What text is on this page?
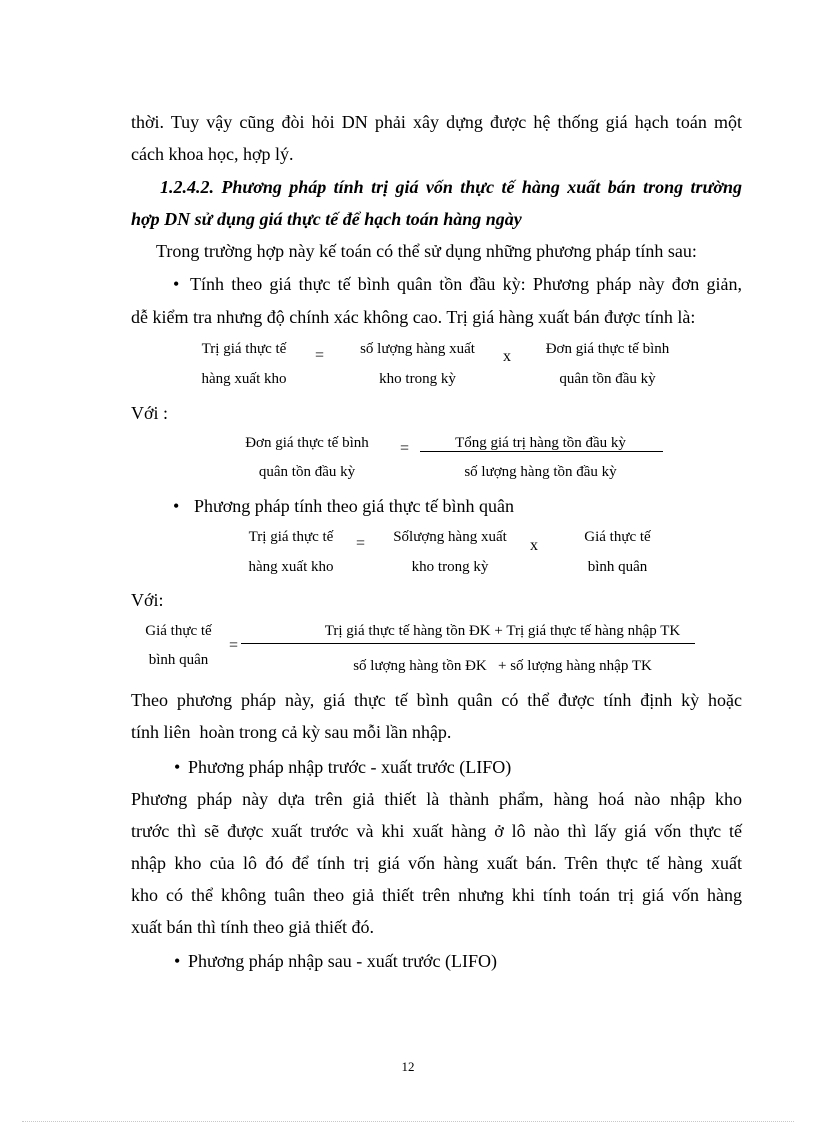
thời. Tuy vậy cũng đòi hỏi DN phải xây dựng được hệ thống giá hạch toán một
cách khoa học, hợp lý.
1.2.4.2. Phương pháp tính trị giá vốn thực tế hàng xuất bán trong trường
hợp DN sử dụng giá thực tế để hạch toán hàng ngày
Trong trường hợp này kế toán có thể sử dụng những phương pháp tính sau:
• Tính theo giá thực tế bình quân tồn đầu kỳ: Phương pháp này đơn giản,
dễ kiểm tra nhưng độ chính xác không cao. Trị giá hàng xuất bán được tính là:
Trị giá thực tế
hàng xuất kho
=	số lượng hàng xuất
kho trong kỳ
x	Đơn giá thực tế bình
quân tồn đầu kỳ
Với :
Đơn giá thực tế bình
quân tồn đầu kỳ
=	Tổng giá trị hàng tồn đầu kỳ
số lượng hàng tồn đầu kỳ
• Phương pháp tính theo giá thực tế bình quân
Trị giá thực tế
hàng xuất kho
=	Sốlượng hàng xuất
kho trong kỳ
x	Giá thực tế
bình quân
Với:
Giá thực tế
bình quân
=
Trị giá thực tế hàng tồn ĐK + Trị giá thực tế hàng nhập TK
số lượng hàng tồn ĐK   + số lượng hàng nhập TK
Theo phương pháp này, giá thực tế bình quân có thể được tính định kỳ hoặc
tính liên  hoàn trong cả kỳ sau mỗi lần nhập.
• Phương pháp nhập trước - xuất trước (LIFO)
Phương pháp này dựa trên giả thiết là thành phẩm, hàng hoá nào nhập kho
trước thì sẽ được xuất trước và khi xuất hàng ở lô nào thì lấy giá vốn thực tế
nhập kho của lô đó để tính trị giá vốn hàng xuất bán. Trên thực tế hàng xuất
kho có thể không tuân theo giả thiết trên nhưng khi tính toán trị giá vốn hàng
xuất bán thì tính theo giả thiết đó.
• Phương pháp nhập sau - xuất trước (LIFO)
12
